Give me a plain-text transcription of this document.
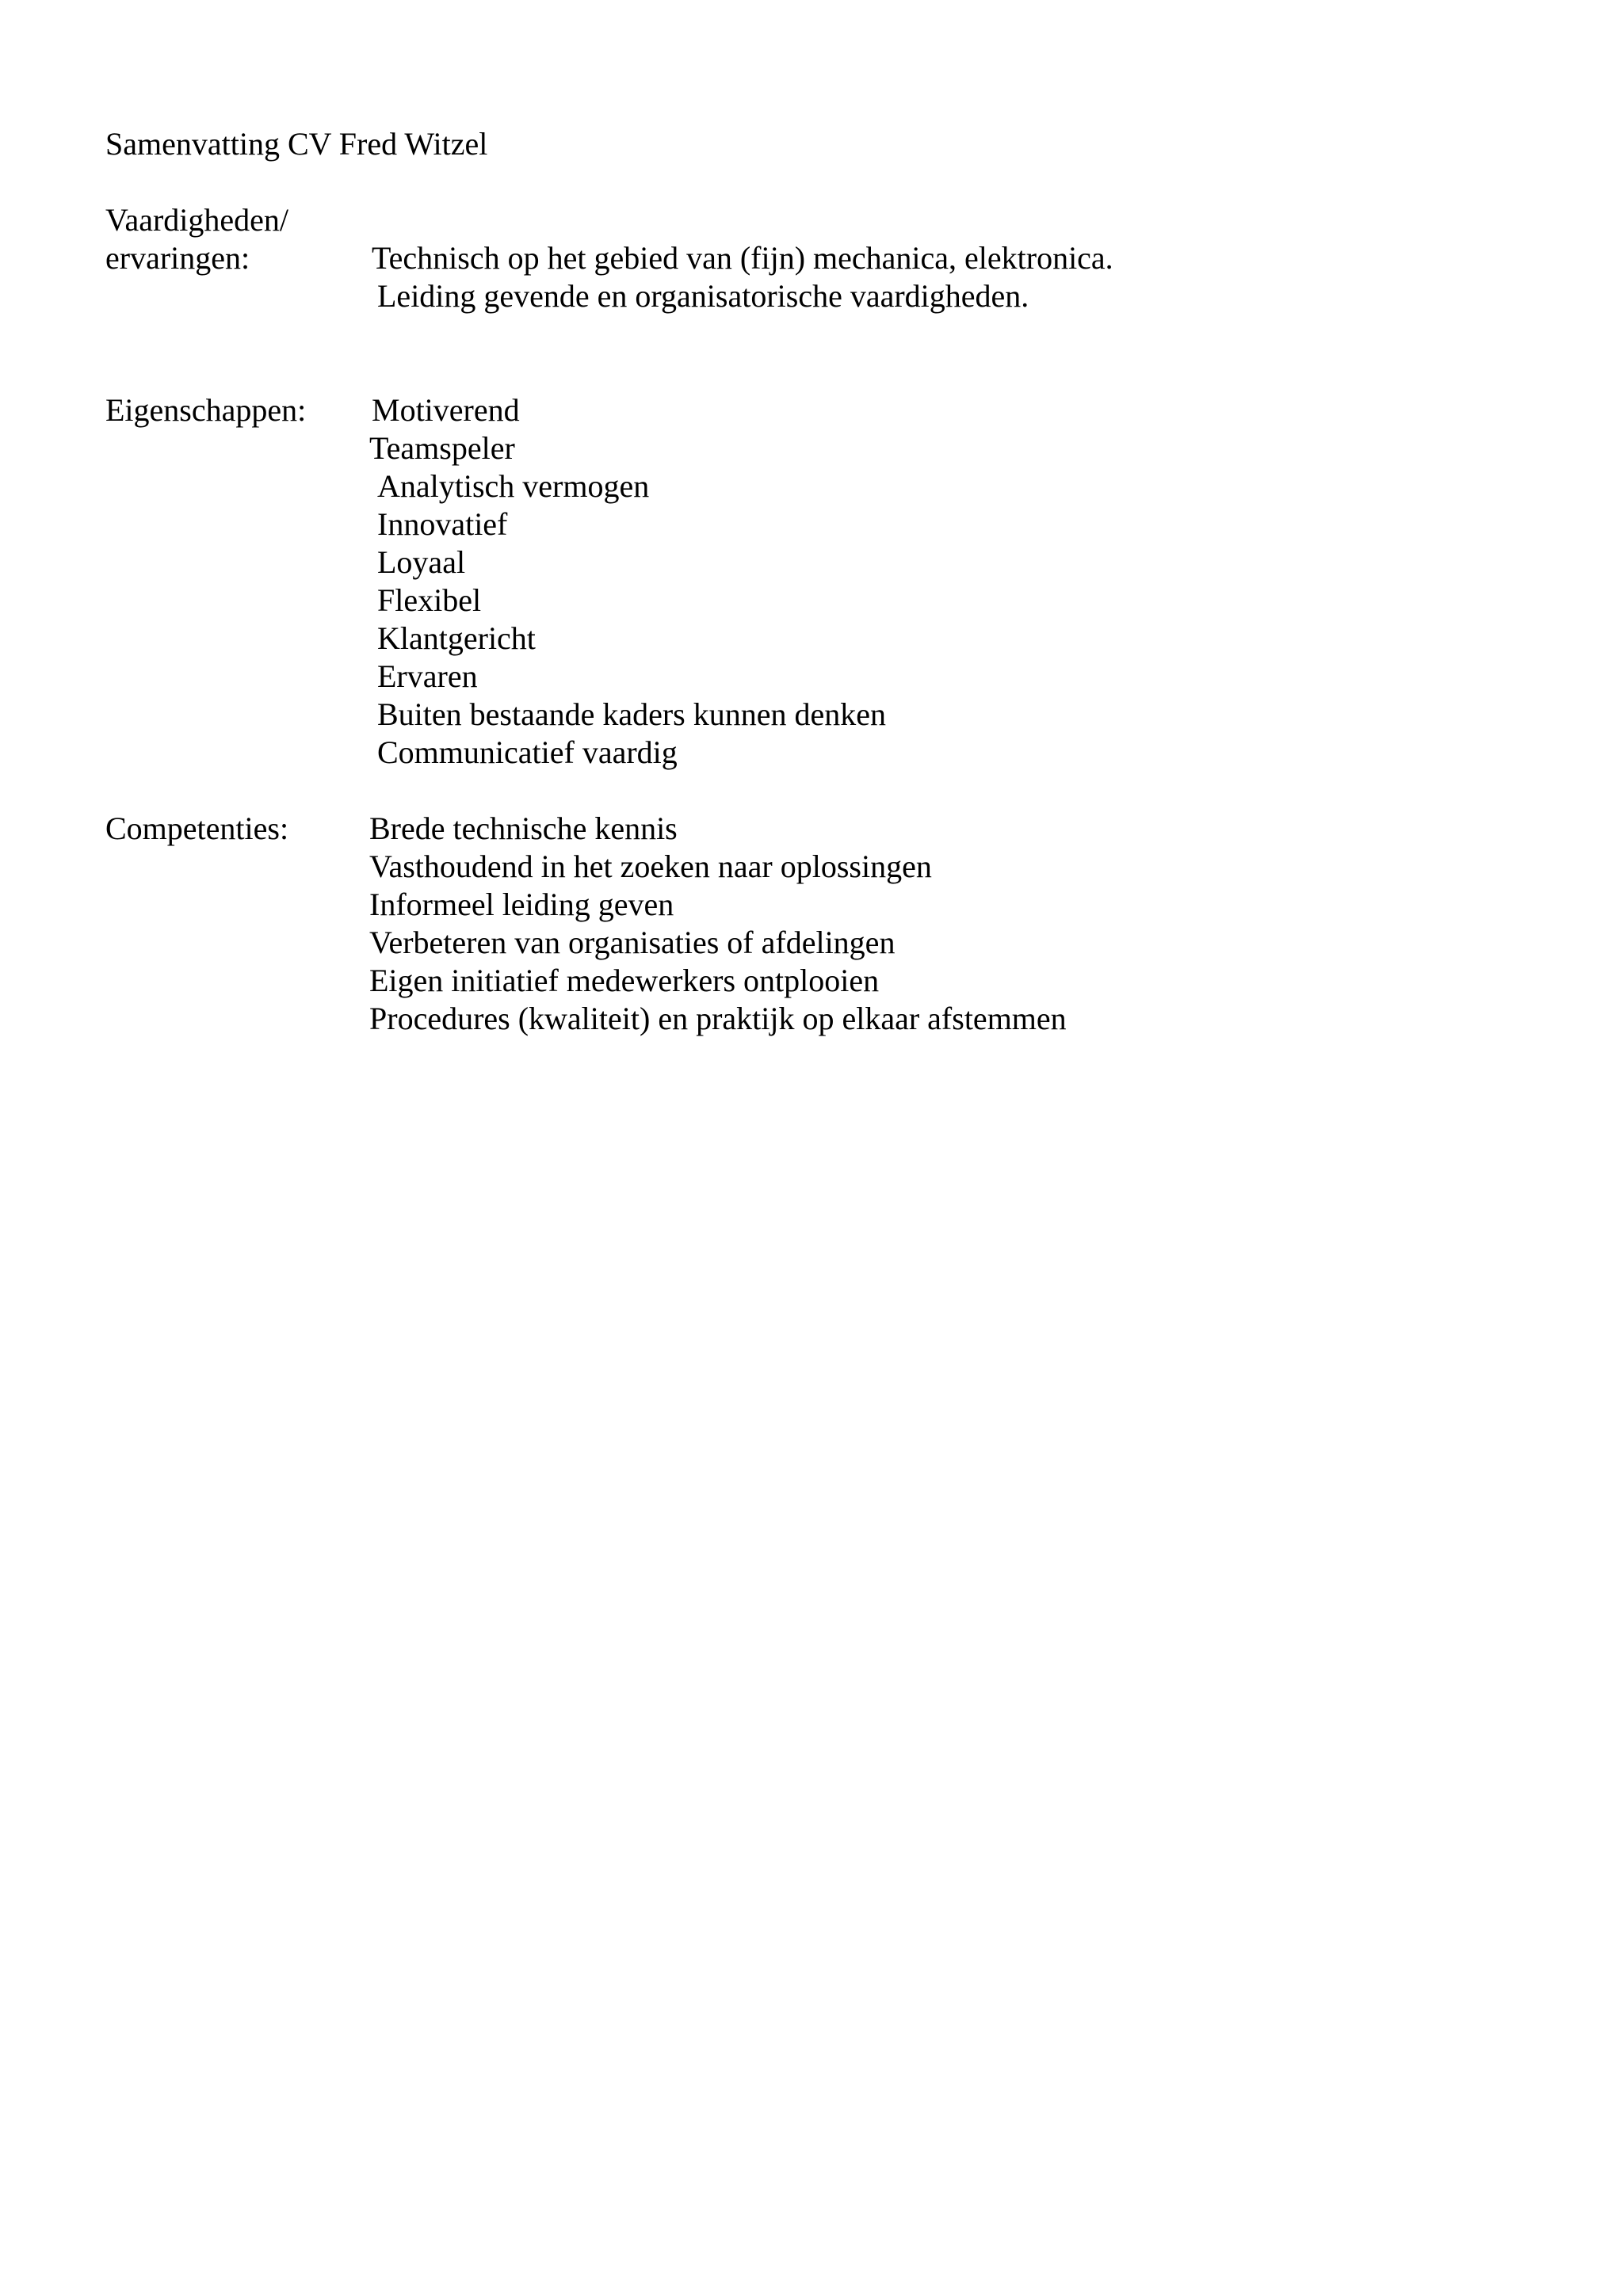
Samenvatting CV Fred Witzel

Vaardigheden/

ervaringen:	Technisch op het gebied van (fijn) mechanica, elektronica.

Leiding gevende en organisatorische vaardigheden.

Eigenschappen: Motiverend

Teamspeler

Analytisch vermogen

Innovatief

Loyaal

Flexibel

Klantgericht

Ervaren

Buiten bestaande kaders kunnen denken

Communicatief vaardig

Competenties:	Brede technische kennis

Vasthoudend in het zoeken naar oplossingen

Informeel leiding geven

Verbeteren van organisaties of afdelingen

Eigen initiatief medewerkers ontplooien

Procedures (kwaliteit) en praktijk op elkaar afstemmen
